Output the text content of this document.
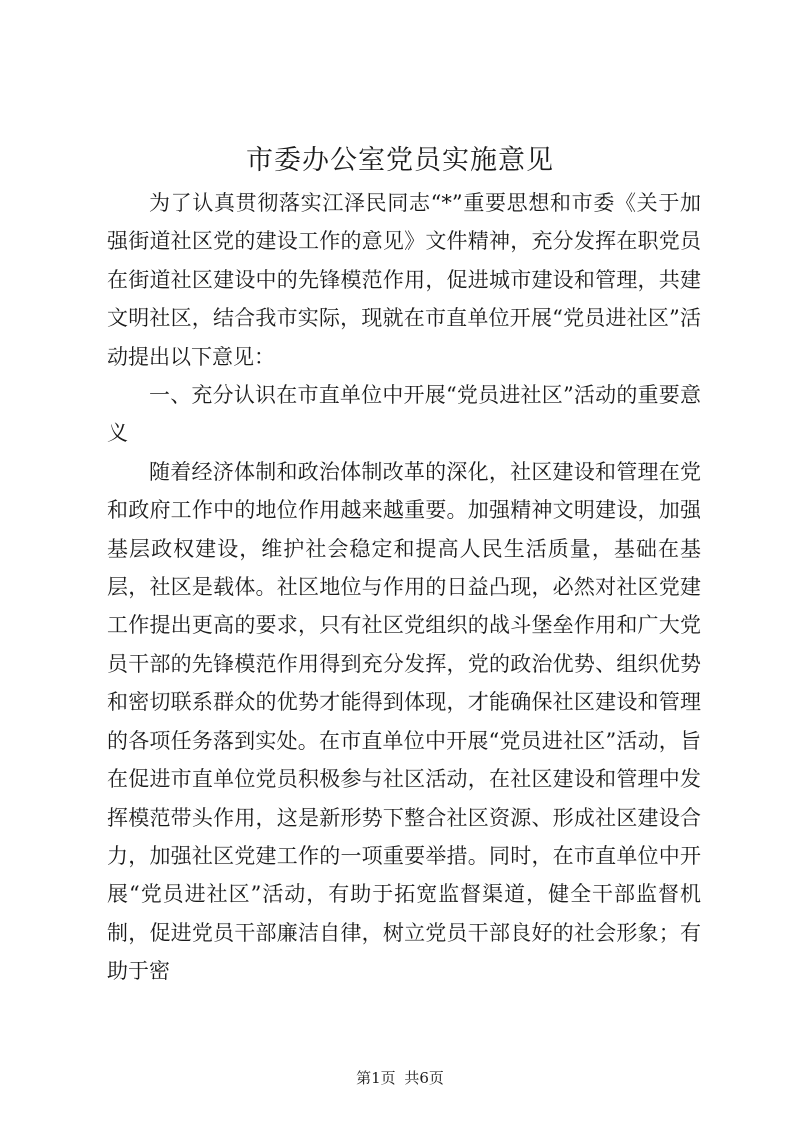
市委办公室党员实施意见

为了认真贯彻落实江泽民同志“*”重要思想和市委《关于加强街道社区党的建设工作的意见》文件精神，充分发挥在职党员在街道社区建设中的先锋模范作用，促进城市建设和管理，共建文明社区，结合我市实际，现就在市直单位开展“党员进社区”活动提出以下意见：

一、充分认识在市直单位中开展“党员进社区”活动的重要意义

随着经济体制和政治体制改革的深化，社区建设和管理在党和政府工作中的地位作用越来越重要。加强精神文明建设，加强基层政权建设，维护社会稳定和提高人民生活质量，基础在基层，社区是载体。社区地位与作用的日益凸现，必然对社区党建工作提出更高的要求，只有社区党组织的战斗堡垒作用和广大党员干部的先锋模范作用得到充分发挥，党的政治优势、组织优势和密切联系群众的优势才能得到体现，才能确保社区建设和管理的各项任务落到实处。在市直单位中开展“党员进社区”活动，旨在促进市直单位党员积极参与社区活动，在社区建设和管理中发挥模范带头作用，这是新形势下整合社区资源、形成社区建设合力，加强社区党建工作的一项重要举措。同时，在市直单位中开展“党员进社区”活动，有助于拓宽监督渠道，健全干部监督机制，促进党员干部廉洁自律，树立党员干部良好的社会形象；有助于密

第1页 共6页
